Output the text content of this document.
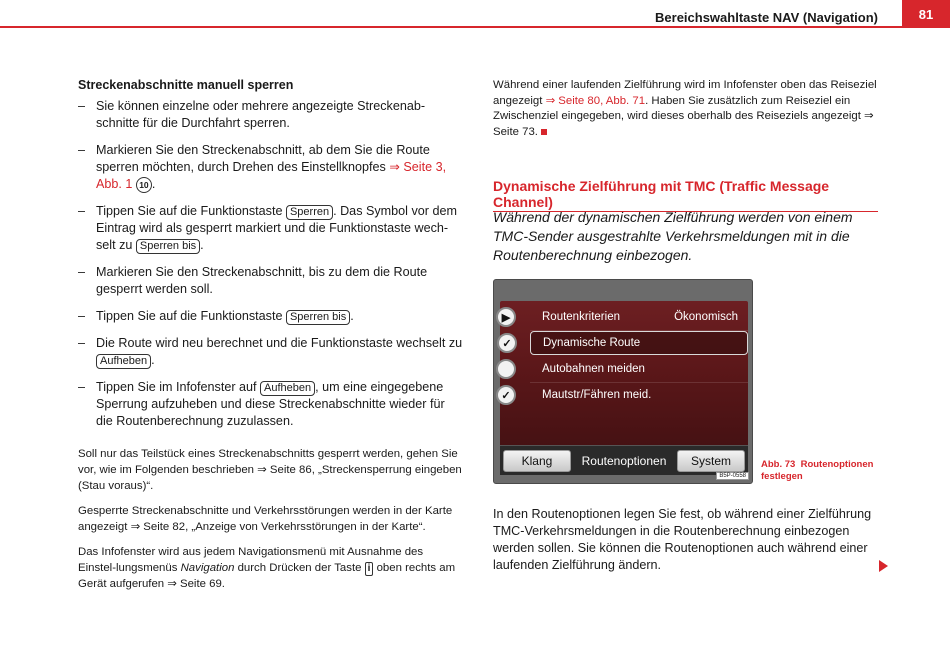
Bereichswahltaste NAV (Navigation)	81
Streckenabschnitte manuell sperren
– Sie können einzelne oder mehrere angezeigte Streckenab-schnitte für die Durchfahrt sperren.
– Markieren Sie den Streckenabschnitt, ab dem Sie die Route sperren möchten, durch Drehen des Einstellknopfes ⇒ Seite 3, Abb. 1 10 .
– Tippen Sie auf die Funktionstaste Sperren . Das Symbol vor dem Eintrag wird als gesperrt markiert und die Funktionstaste wech-selt zu Sperren bis .
– Markieren Sie den Streckenabschnitt, bis zu dem die Route gesperrt werden soll.
– Tippen Sie auf die Funktionstaste Sperren bis .
– Die Route wird neu berechnet und die Funktionstaste wechselt zu Aufheben .
– Tippen Sie im Infofenster auf Aufheben , um eine eingegebene Sperrung aufzuheben und diese Streckenabschnitte wieder für die Routenberechnung zuzulassen.

Soll nur das Teilstück eines Streckenabschnitts gesperrt werden, gehen Sie vor, wie im Folgenden beschrieben ⇒ Seite 86, „Streckensperrung eingeben (Stau voraus)“.

Gesperrte Streckenabschnitte und Verkehrsstörungen werden in der Karte angezeigt ⇒ Seite 82, „Anzeige von Verkehrsstörungen in der Karte“.

Das Infofenster wird aus jedem Navigationsmenü mit Ausnahme des Einstel-lungsmenüs Navigation durch Drücken der Taste i oben rechts am Gerät aufgerufen ⇒ Seite 69.

Während einer laufenden Zielführung wird im Infofenster oben das Reiseziel angezeigt ⇒ Seite 80, Abb. 71. Haben Sie zusätzlich zum Reiseziel ein Zwischenziel eingegeben, wird dieses oberhalb des Reiseziels angezeigt ⇒ Seite 73.

Dynamische Zielführung mit TMC (Traffic Message Channel)
Während der dynamischen Zielführung werden von einem TMC-Sender ausgestrahlte Verkehrsmeldungen mit in die Routenberechnung einbezogen.
▶	Routenkriterien	Ökonomisch
✓	Dynamische Route
Autobahnen meiden
✓	Mautstr/Fähren meid.
Klang	Routenoptionen	System
B5P-0558
Abb. 73 Routenoptionen festlegen

In den Routenoptionen legen Sie fest, ob während einer Zielführung TMC-Verkehrsmeldungen in die Routenberechnung einbezogen werden sollen. Sie können die Routenoptionen auch während einer laufenden Zielführung ändern.
